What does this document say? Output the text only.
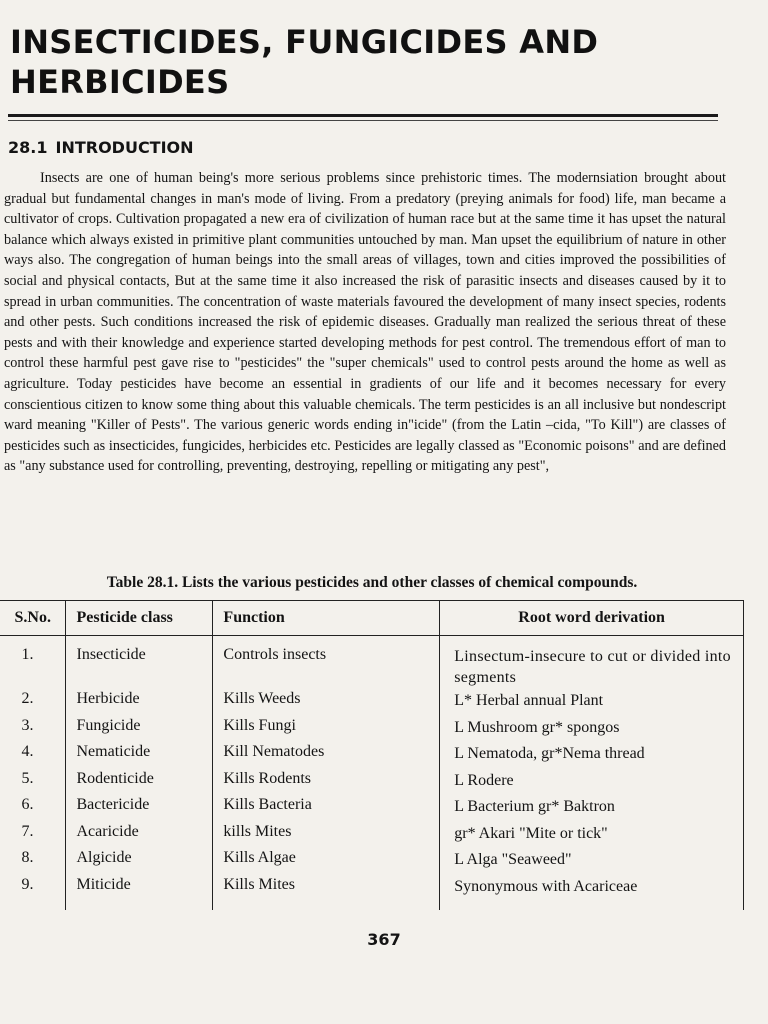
INSECTICIDES, FUNGICIDES AND HERBICIDES
28.1 INTRODUCTION

Insects are one of human being's more serious problems since prehistoric times. The modernsiation brought about gradual but fundamental changes in man's mode of living. From a predatory (preying animals for food) life, man became a cultivator of crops. Cultivation propagated a new era of civilization of human race but at the same time it has upset the natural balance which always existed in primitive plant communities untouched by man. Man upset the equilibrium of nature in other ways also. The congregation of human beings into the small areas of villages, town and cities improved the possibilities of social and physical contacts, But at the same time it also increased the risk of parasitic insects and diseases caused by it to spread in urban communities. The concentration of waste materials favoured the development of many insect species, rodents and other pests. Such conditions increased the risk of epidemic diseases. Gradually man realized the serious threat of these pests and with their knowledge and experience started developing methods for pest control. The tremendous effort of man to control these harmful pest gave rise to "pesticides" the "super chemicals" used to control pests around the home as well as agriculture. Today pesticides have become an essential in gradients of our life and it becomes necessary for every conscientious citizen to know some thing about this valuable chemicals. The term pesticides is an all inclusive but nondescript ward meaning "Killer of Pests". The various generic words ending in"icide" (from the Latin –cida, "To Kill") are classes of pesticides such as insecticides, fungicides, herbicides etc. Pesticides are legally classed as "Economic poisons" and are defined as "any substance used for controlling, preventing, destroying, repelling or mitigating any pest",

Table 28.1. Lists the various pesticides and other classes of chemical compounds.

S.No.	Pesticide class	Function	Root word derivation
1.	Insecticide	Controls insects	Linsectum-insecure to cut or divided into segments
2.	Herbicide	Kills Weeds	L* Herbal annual Plant
3.	Fungicide	Kills Fungi	L Mushroom gr* spongos
4.	Nematicide	Kill Nematodes	L Nematoda, gr*Nema thread
5.	Rodenticide	Kills Rodents	L Rodere
6.	Bactericide	Kills Bacteria	L Bacterium gr* Baktron
7.	Acaricide	kills Mites	gr* Akari "Mite or tick"
8.	Algicide	Kills Algae	L Alga "Seaweed"
9.	Miticide	Kills Mites	Synonymous with Acariceae

367
